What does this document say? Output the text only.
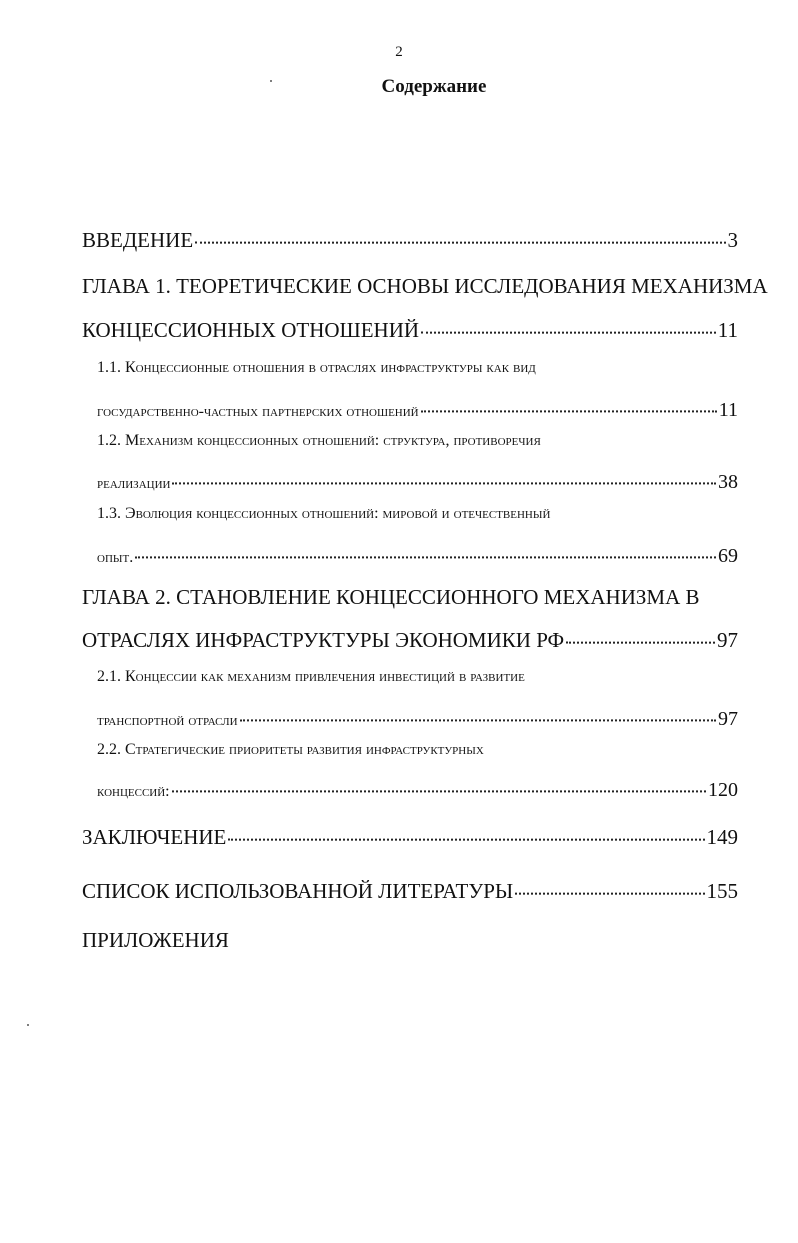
2
Содержание
ВВЕДЕНИЕ	3
ГЛАВА 1. ТЕОРЕТИЧЕСКИЕ ОСНОВЫ ИССЛЕДОВАНИЯ МЕХАНИЗМА
КОНЦЕССИОННЫХ ОТНОШЕНИЙ	11
1.1. Концессионные отношения в отраслях инфраструктуры как вид
государственно-частных партнерских отношений	11
1.2. Механизм концессионных отношений: структура, противоречия
реализации	38
1.3. Эволюция концессионных отношений: мировой и отечественный
опыт.	69
ГЛАВА 2. СТАНОВЛЕНИЕ КОНЦЕССИОННОГО МЕХАНИЗМА В
ОТРАСЛЯХ ИНФРАСТРУКТУРЫ ЭКОНОМИКИ РФ	97
2.1. Концессии как механизм привлечения инвестиций в развитие
транспортной отрасли	97
2.2. Стратегические приоритеты развития инфраструктурных
концессий:	120
ЗАКЛЮЧЕНИЕ	149
СПИСОК ИСПОЛЬЗОВАННОЙ ЛИТЕРАТУРЫ	155
ПРИЛОЖЕНИЯ
